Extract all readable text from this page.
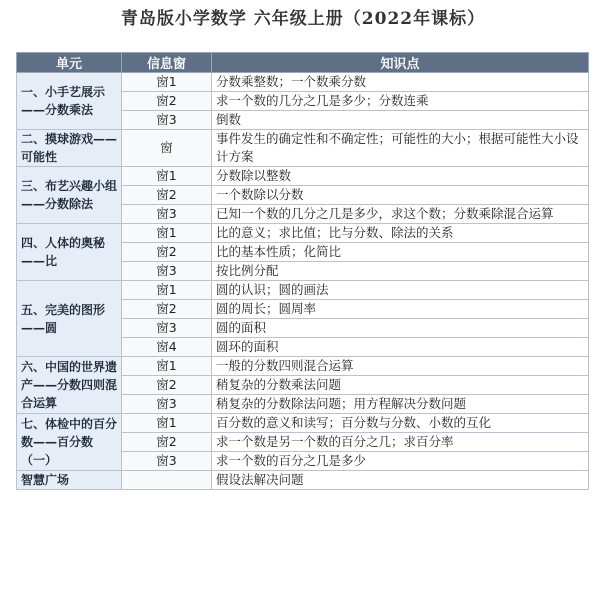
青岛版小学数学 六年级上册（2022年课标）
单元	信息窗	知识点
一、小手艺展示——分数乘法	窗1	分数乘整数；一个数乘分数
	窗2	求一个数的几分之几是多少；分数连乘
	窗3	倒数
二、摸球游戏——可能性	窗	事件发生的确定性和不确定性；可能性的大小；根据可能性大小设计方案
三、布艺兴趣小组——分数除法	窗1	分数除以整数
	窗2	一个数除以分数
	窗3	已知一个数的几分之几是多少，求这个数；分数乘除混合运算
四、人体的奥秘——比	窗1	比的意义；求比值；比与分数、除法的关系
	窗2	比的基本性质；化简比
	窗3	按比例分配
五、完美的图形——圆	窗1	圆的认识；圆的画法
	窗2	圆的周长；圆周率
	窗3	圆的面积
	窗4	圆环的面积
六、中国的世界遗产——分数四则混合运算	窗1	一般的分数四则混合运算
	窗2	稍复杂的分数乘法问题
	窗3	稍复杂的分数除法问题；用方程解决分数问题
七、体检中的百分数——百分数（一）	窗1	百分数的意义和读写；百分数与分数、小数的互化
	窗2	求一个数是另一个数的百分之几；求百分率
	窗3	求一个数的百分之几是多少
智慧广场		假设法解决问题
